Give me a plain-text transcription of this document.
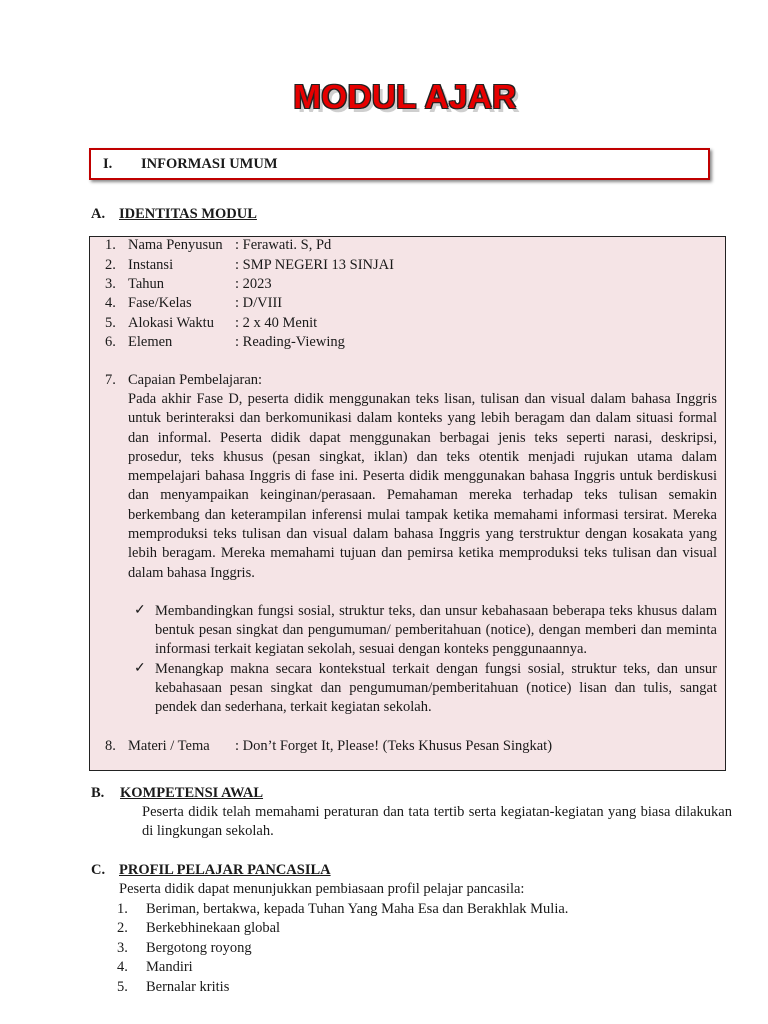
MODUL AJAR
I.	INFORMASI UMUM
A. IDENTITAS MODUL
1. Nama Penyusun : Ferawati. S, Pd
2. Instansi	: SMP NEGERI 13 SINJAI
3. Tahun	: 2023
4. Fase/Kelas	: D/VIII
5. Alokasi Waktu	: 2 x 40 Menit
6. Elemen	: Reading-Viewing
7. Capaian Pembelajaran:
Pada akhir Fase D, peserta didik menggunakan teks lisan, tulisan dan visual dalam bahasa Inggris untuk berinteraksi dan berkomunikasi dalam konteks yang lebih beragam dan dalam situasi formal dan informal. Peserta didik dapat menggunakan berbagai jenis teks seperti narasi, deskripsi, prosedur, teks khusus (pesan singkat, iklan) dan teks otentik menjadi rujukan utama dalam mempelajari bahasa Inggris di fase ini. Peserta didik menggunakan bahasa Inggris untuk berdiskusi dan menyampaikan keinginan/perasaan. Pemahaman mereka terhadap teks tulisan semakin berkembang dan keterampilan inferensi mulai tampak ketika memahami informasi tersirat. Mereka memproduksi teks tulisan dan visual dalam bahasa Inggris yang terstruktur dengan kosakata yang lebih beragam. Mereka memahami tujuan dan pemirsa ketika memproduksi teks tulisan dan visual dalam bahasa Inggris.
✓ Membandingkan fungsi sosial, struktur teks, dan unsur kebahasaan beberapa teks khusus dalam bentuk pesan singkat dan pengumuman/ pemberitahuan (notice), dengan memberi dan meminta informasi terkait kegiatan sekolah, sesuai dengan konteks penggunaannya.
✓ Menangkap makna secara kontekstual terkait dengan fungsi sosial, struktur teks, dan unsur kebahasaan pesan singkat dan pengumuman/pemberitahuan (notice) lisan dan tulis, sangat pendek dan sederhana, terkait kegiatan sekolah.
8. Materi / Tema	: Don’t Forget It, Please! (Teks Khusus Pesan Singkat)
B.	KOMPETENSI AWAL
Peserta didik telah memahami peraturan dan tata tertib serta kegiatan-kegiatan yang biasa dilakukan di lingkungan sekolah.
C. PROFIL PELAJAR PANCASILA
Peserta didik dapat menunjukkan pembiasaan profil pelajar pancasila:
1.	Beriman, bertakwa, kepada Tuhan Yang Maha Esa dan Berakhlak Mulia.
2.	Berkebhinekaan global
3.	Bergotong royong
4.	Mandiri
5.	Bernalar kritis
